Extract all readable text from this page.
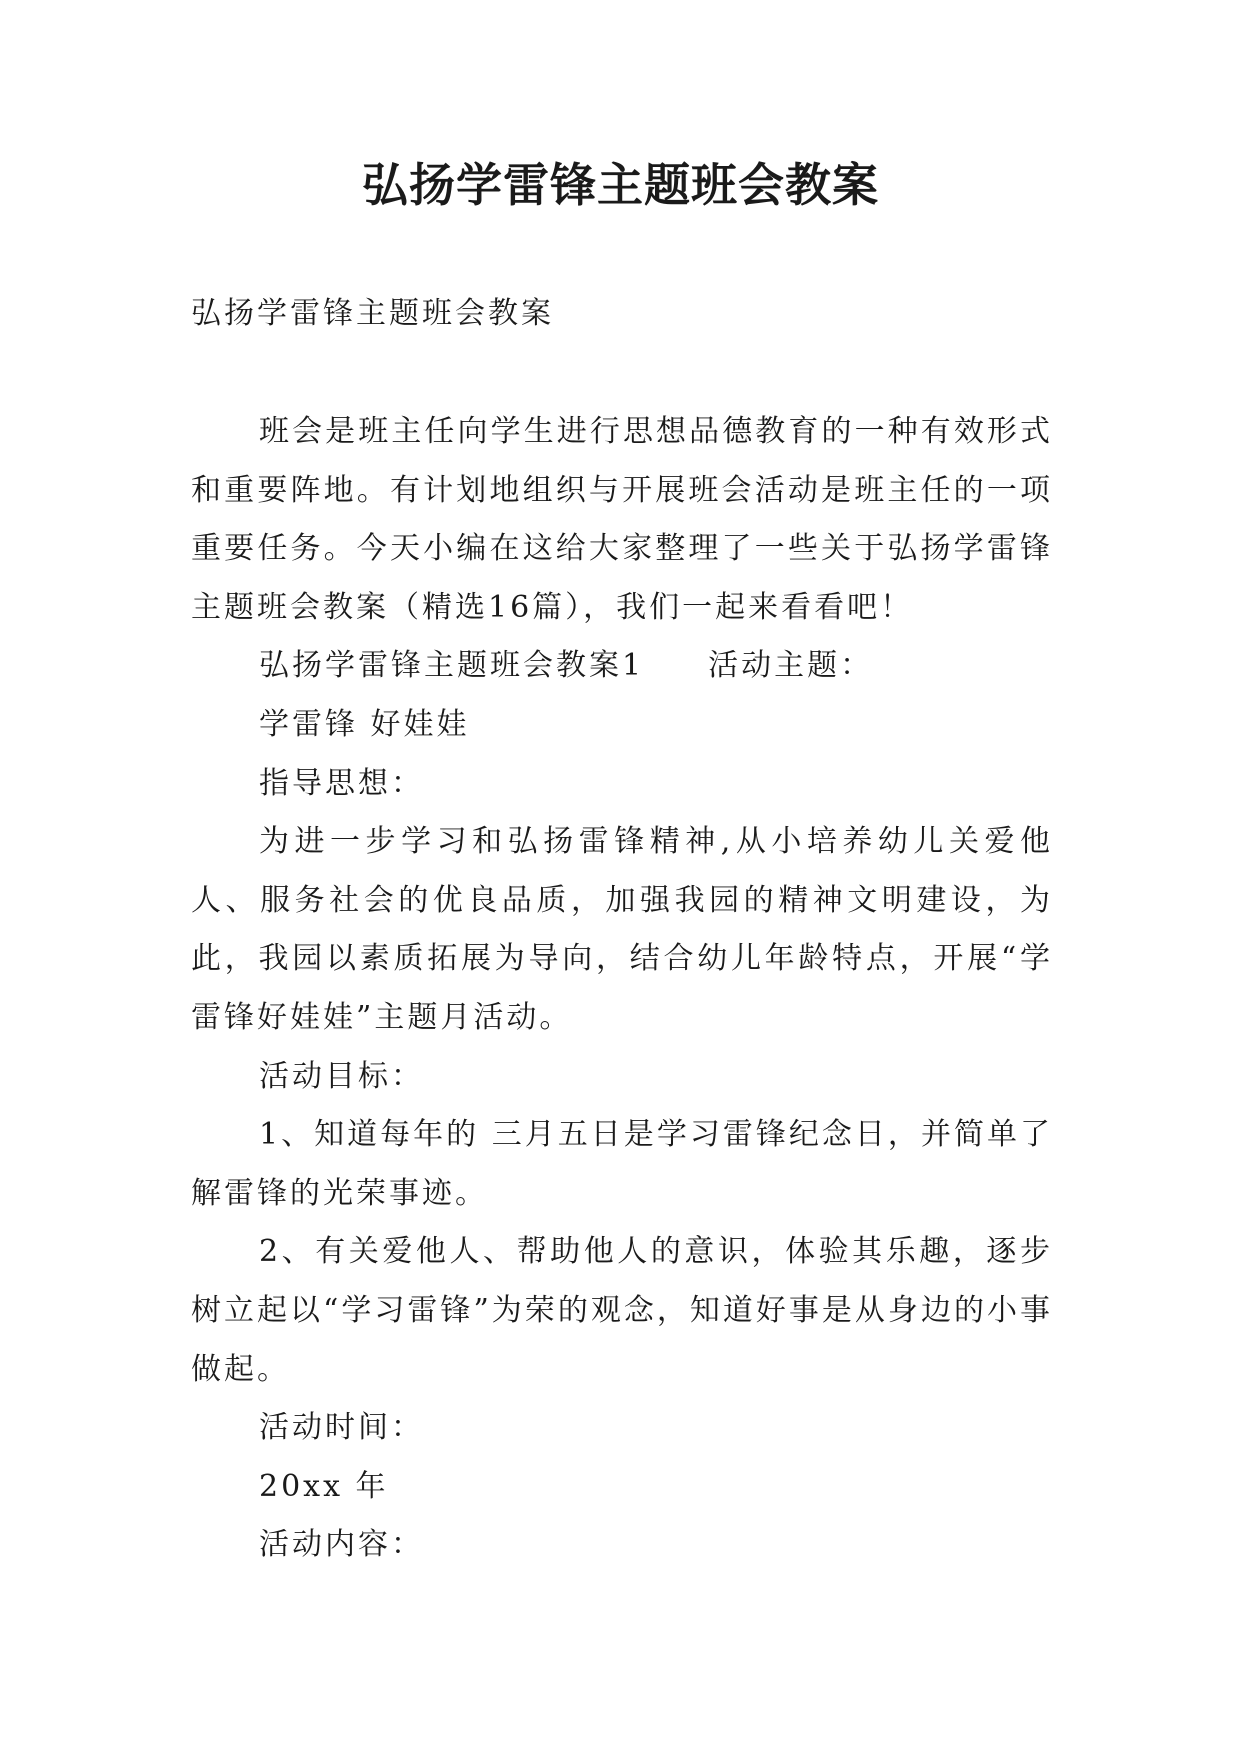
弘扬学雷锋主题班会教案

弘扬学雷锋主题班会教案

班会是班主任向学生进行思想品德教育的一种有效形式和重要阵地。有计划地组织与开展班会活动是班主任的一项重要任务。今天小编在这给大家整理了一些关于弘扬学雷锋主题班会教案（精选16篇），我们一起来看看吧！

弘扬学雷锋主题班会教案1 活动主题：

学雷锋 好娃娃

指导思想：

为进一步学习和弘扬雷锋精神,从小培养幼儿关爱他人、服务社会的优良品质，加强我园的精神文明建设，为此，我园以素质拓展为导向，结合幼儿年龄特点，开展“学雷锋好娃娃”主题月活动。

活动目标：

1、知道每年的 三月五日是学习雷锋纪念日，并简单了解雷锋的光荣事迹。

2、有关爱他人、帮助他人的意识，体验其乐趣，逐步树立起以“学习雷锋”为荣的观念，知道好事是从身边的小事做起。

活动时间：

20xx 年

活动内容：
